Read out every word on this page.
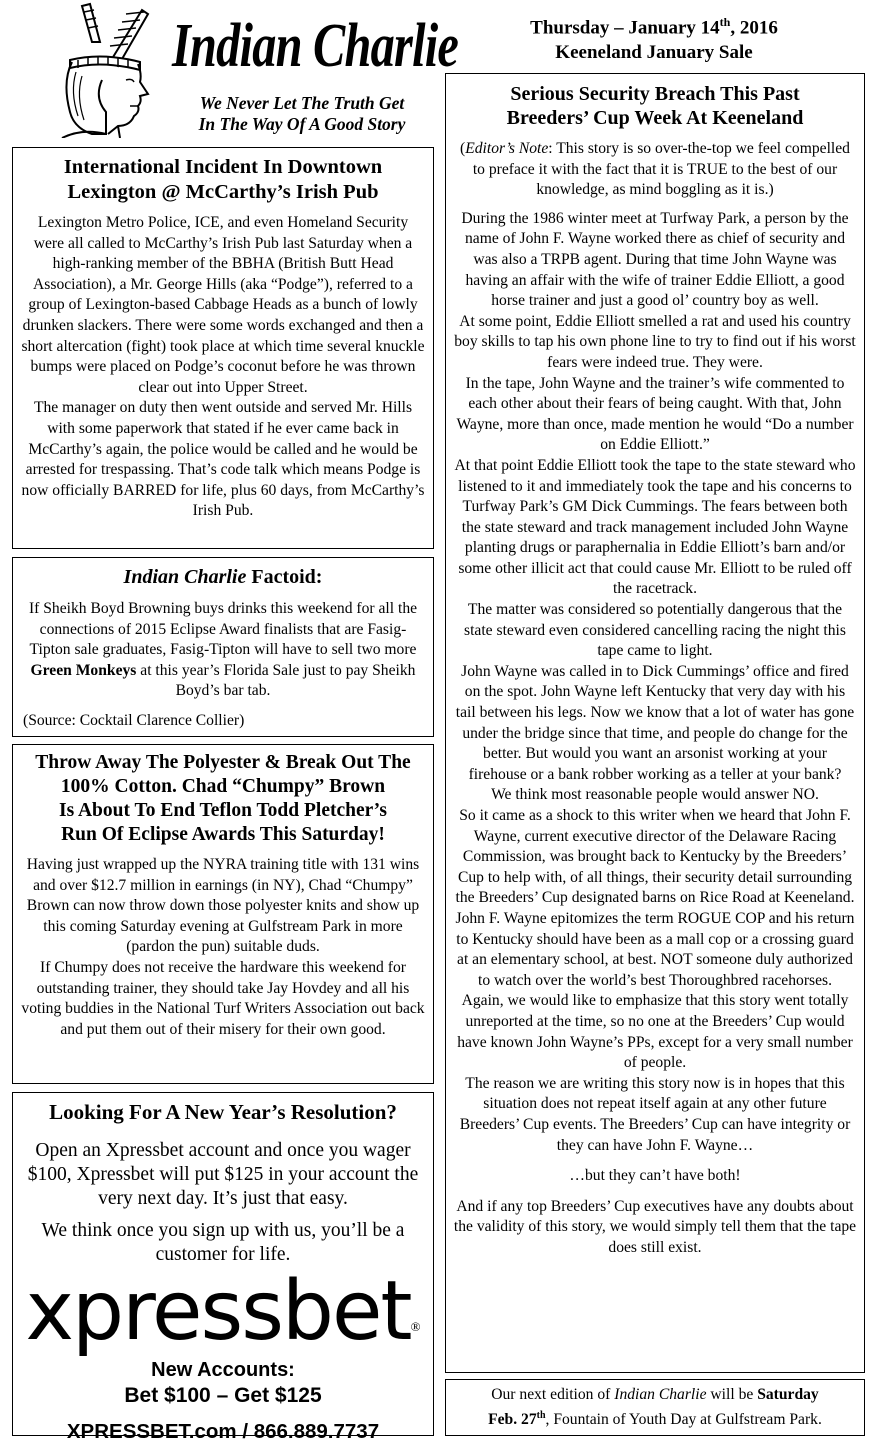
Indian Charlie
We Never Let The Truth Get
In The Way Of A Good Story
Thursday – January 14th, 2016
Keeneland January Sale
International Incident In Downtown
Lexington @ McCarthy’s Irish Pub

Lexington Metro Police, ICE, and even Homeland Security were all called to McCarthy’s Irish Pub last Saturday when a high-ranking member of the BBHA (British Butt Head Association), a Mr. George Hills (aka “Podge”), referred to a group of Lexington-based Cabbage Heads as a bunch of lowly drunken slackers. There were some words exchanged and then a short altercation (fight) took place at which time several knuckle bumps were placed on Podge’s coconut before he was thrown clear out into Upper Street.

The manager on duty then went outside and served Mr. Hills with some paperwork that stated if he ever came back in McCarthy’s again, the police would be called and he would be arrested for trespassing. That’s code talk which means Podge is now officially BARRED for life, plus 60 days, from McCarthy’s Irish Pub.

Indian Charlie Factoid:
If Sheikh Boyd Browning buys drinks this weekend for all the connections of 2015 Eclipse Award finalists that are Fasig-Tipton sale graduates, Fasig-Tipton will have to sell two more Green Monkeys at this year’s Florida Sale just to pay Sheikh Boyd’s bar tab.
(Source: Cocktail Clarence Collier)
Throw Away The Polyester & Break Out The
100% Cotton. Chad “Chumpy” Brown
Is About To End Teflon Todd Pletcher’s
Run Of Eclipse Awards This Saturday!

Having just wrapped up the NYRA training title with 131 wins and over $12.7 million in earnings (in NY), Chad “Chumpy” Brown can now throw down those polyester knits and show up this coming Saturday evening at Gulfstream Park in more (pardon the pun) suitable duds.

If Chumpy does not receive the hardware this weekend for outstanding trainer, they should take Jay Hovdey and all his voting buddies in the National Turf Writers Association out back and put them out of their misery for their own good.

Looking For A New Year’s Resolution?
Open an Xpressbet account and once you wager $100, Xpressbet will put $125 in your account the very next day. It’s just that easy.
We think once you sign up with us, you’ll be a customer for life.
xpressbet®
New Accounts:
Bet $100 – Get $125
XPRESSBET.com / 866.889.7737
Serious Security Breach This Past
Breeders’ Cup Week At Keeneland
(Editor’s Note: This story is so over-the-top we feel compelled to preface it with the fact that it is TRUE to the best of our knowledge, as mind boggling as it is.)

During the 1986 winter meet at Turfway Park, a person by the name of John F. Wayne worked there as chief of security and was also a TRPB agent. During that time John Wayne was having an affair with the wife of trainer Eddie Elliott, a good horse trainer and just a good ol’ country boy as well.

At some point, Eddie Elliott smelled a rat and used his country boy skills to tap his own phone line to try to find out if his worst fears were indeed true. They were.

In the tape, John Wayne and the trainer’s wife commented to each other about their fears of being caught. With that, John Wayne, more than once, made mention he would “Do a number on Eddie Elliott.”

At that point Eddie Elliott took the tape to the state steward who listened to it and immediately took the tape and his concerns to Turfway Park’s GM Dick Cummings. The fears between both the state steward and track management included John Wayne planting drugs or paraphernalia in Eddie Elliott’s barn and/or some other illicit act that could cause Mr. Elliott to be ruled off the racetrack.

The matter was considered so potentially dangerous that the state steward even considered cancelling racing the night this tape came to light.

John Wayne was called in to Dick Cummings’ office and fired on the spot. John Wayne left Kentucky that very day with his tail between his legs. Now we know that a lot of water has gone under the bridge since that time, and people do change for the better. But would you want an arsonist working at your firehouse or a bank robber working as a teller at your bank?

We think most reasonable people would answer NO.

So it came as a shock to this writer when we heard that John F. Wayne, current executive director of the Delaware Racing Commission, was brought back to Kentucky by the Breeders’ Cup to help with, of all things, their security detail surrounding the Breeders’ Cup designated barns on Rice Road at Keeneland.

John F. Wayne epitomizes the term ROGUE COP and his return to Kentucky should have been as a mall cop or a crossing guard at an elementary school, at best. NOT someone duly authorized to watch over the world’s best Thoroughbred racehorses.

Again, we would like to emphasize that this story went totally unreported at the time, so no one at the Breeders’ Cup would have known John Wayne’s PPs, except for a very small number of people.

The reason we are writing this story now is in hopes that this situation does not repeat itself again at any other future Breeders’ Cup events. The Breeders’ Cup can have integrity or they can have John F. Wayne…

…but they can’t have both!
And if any top Breeders’ Cup executives have any doubts about the validity of this story, we would simply tell them that the tape does still exist.
Our next edition of Indian Charlie will be Saturday
Feb. 27th, Fountain of Youth Day at Gulfstream Park.
